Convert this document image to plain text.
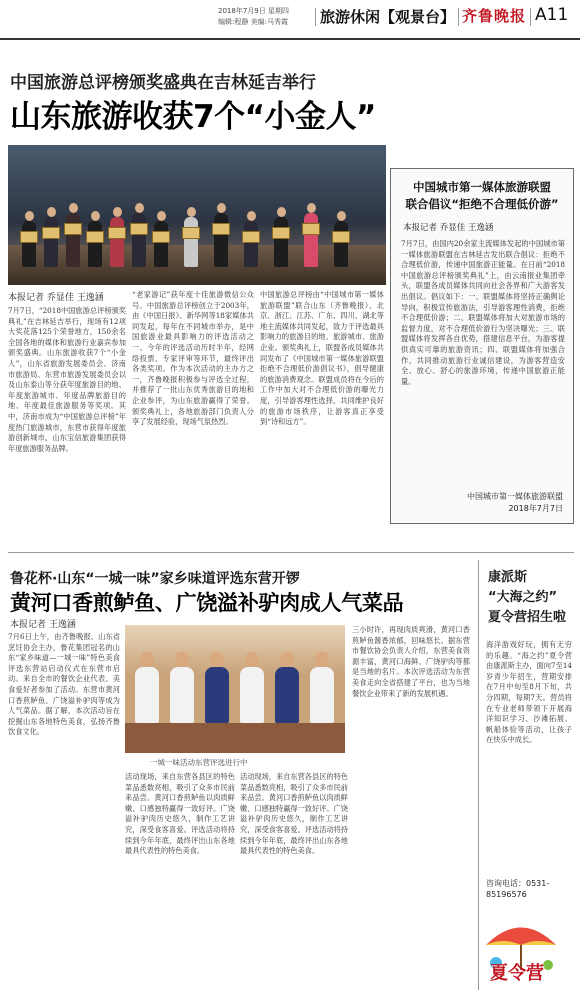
2018年7月9日 星期四
编辑:程静 美编:马秀霞 旅游休闲【观景台】 齐鲁晚报 A11
中国旅游总评榜颁奖盛典在吉林延吉举行
山东旅游收获7个“小金人”
本报记者 乔显佳 王逸涵
7月7日，“2018中国旅游总评榜颁奖典礼”在吉林延吉举行，现场有12项大奖花落125个荣誉地方，150余名全国各地的媒体和旅游行业嘉宾参加颁奖盛典。山东旅游收获7个“小金人”，山东省旅游发展委员会、济南市旅游局、东营市旅游发展委员会以及山东泰山等分获年度旅游目的地、年度旅游城市、年度品牌旅游目的地、年度最佳旅游服务等奖项。其中，济南市成为“中国旅游总评榜”年度热门旅游城市，东营市获得年度旅游创新城市，山东宝信旅游集团获得年度旅游服务品牌。
“老家游记”获年度十佳旅游微信公众号。中国旅游总评榜创立于2003年，由《中国日报》、新华网等18家媒体共同发起，每年在不同城市举办，是中国旅游业最具影响力的评选活动之一。今年的评选活动历时半年，经网络投票、专家评审等环节，最终评出各类奖项。作为本次活动的主办方之一，齐鲁晚报积极参与评选全过程，并推荐了一批山东优秀旅游目的地和企业参评，为山东旅游赢得了荣誉。颁奖典礼上，各地旅游部门负责人分享了发展经验，现场气氛热烈。
中国旅游总评榜由“中国城市第一媒体旅游联盟”联合山东（齐鲁晚报）、北京、浙江、江苏、广东、四川、湖北等地主流媒体共同发起，致力于评选最具影响力的旅游目的地、旅游城市、旅游企业。颁奖典礼上，联盟各成员媒体共同发布了《中国城市第一媒体旅游联盟拒绝不合理低价游倡议书》，倡导健康的旅游消费观念。联盟成员将在今后的工作中加大对不合理低价游的曝光力度，引导游客理性选择，共同维护良好的旅游市场秩序，让游客真正享受到“诗和远方”。
中国城市第一媒体旅游联盟
联合倡议“拒绝不合理低价游”
本报记者 乔显佳 王逸涵
7月7日，由国内20余家主流媒体发起的中国城市第一媒体旅游联盟在吉林延吉发出联合倡议：拒绝不合理低价游，传递中国旅游正能量。在日前“2018中国旅游总评榜颁奖典礼”上，由云南报业集团牵头，联盟各成员媒体共同向社会各界和广大游客发出倡议。倡议如下：一、联盟媒体将坚持正确舆论导向，积极宣传旅游法，引导游客理性消费，拒绝不合理低价游；二、联盟媒体将加大对旅游市场的监督力度，对不合理低价游行为坚决曝光；三、联盟媒体将发挥各自优势，搭建信息平台，为游客提供真实可靠的旅游资讯；四、联盟媒体将加强合作，共同推动旅游行业诚信建设，为游客营造安全、放心、舒心的旅游环境，传递中国旅游正能量。
中国城市第一媒体旅游联盟
2018年7月7日
鲁花杯·山东“一城一味”家乡味道评选东营开锣
黄河口香煎鲈鱼、广饶溢补驴肉成人气菜品
本报记者 王逸涵
7月6日上午，由齐鲁晚报、山东省烹饪协会主办，鲁花集团冠名的山东“家乡味道—一城一味”特色美食评选东营站启动仪式在东营市启动。来自全市的餐饮企业代表、美食爱好者参加了活动。东营市黄河口香煎鲈鱼、广饶溢补驴肉等成为人气菜品。据了解，本次活动旨在挖掘山东各地特色美食，弘扬齐鲁饮食文化。
一城一味活动东营评选进行中
活动现场，来自东营各县区的特色菜品悉数亮相，吸引了众多市民前来品尝。黄河口香煎鲈鱼以肉质鲜嫩、口感独特赢得一致好评。广饶溢补驴肉历史悠久，制作工艺讲究，深受食客喜爱。评选活动将持续到今年年底，最终评出山东各地最具代表性的特色美食。
活动现场，来自东营各县区的特色菜品悉数亮相，吸引了众多市民前来品尝。黄河口香煎鲈鱼以肉质鲜嫩、口感独特赢得一致好评。广饶溢补驴肉历史悠久，制作工艺讲究，深受食客喜爱。评选活动将持续到今年年底，最终评出山东各地最具代表性的特色美食。
三小时许，再现肉质爽滑，黄河口香煎鲈鱼酱香浓郁，回味悠长。据东营市餐饮协会负责人介绍，东营美食资源丰富，黄河口海鲜、广饶驴肉等都是当地的名片。本次评选活动为东营美食走向全省搭建了平台，也为当地餐饮企业带来了新的发展机遇。
康派斯
“大海之约”
夏令营招生啦
海洋游戏好玩，拥有无穷的乐趣。“海之约”夏令营由康派斯主办，面向7至14岁青少年招生，营期安排在7月中旬至8月下旬，共分四期，每期7天。营员将在专业老师带领下开展海洋知识学习、沙滩拓展、帆船体验等活动，让孩子在快乐中成长。
咨询电话：0531-85196576
夏令营
